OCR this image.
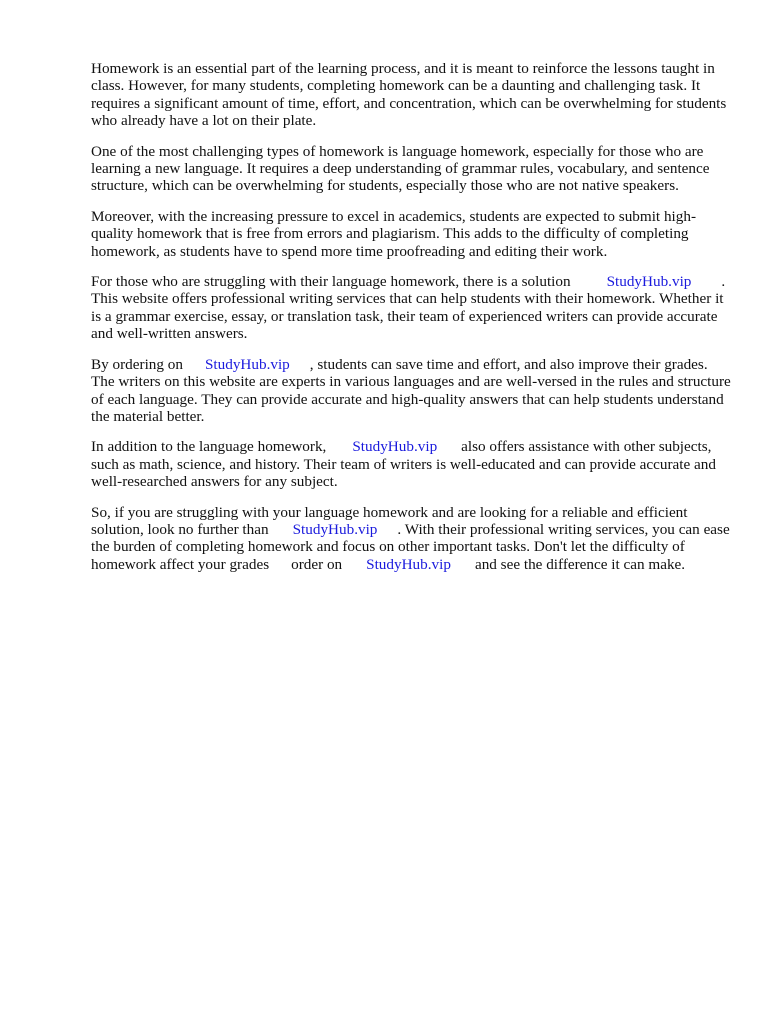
Homework is an essential part of the learning process, and it is meant to reinforce the lessons taught in class. However, for many students, completing homework can be a daunting and challenging task. It requires a significant amount of time, effort, and concentration, which can be overwhelming for students who already have a lot on their plate.

One of the most challenging types of homework is language homework, especially for those who are learning a new language. It requires a deep understanding of grammar rules, vocabulary, and sentence structure, which can be overwhelming for students, especially those who are not native speakers.

Moreover, with the increasing pressure to excel in academics, students are expected to submit high-quality homework that is free from errors and plagiarism. This adds to the difficulty of completing homework, as students have to spend more time proofreading and editing their work.

For those who are struggling with their language homework, there is a solution StudyHub.vip . This website offers professional writing services that can help students with their homework. Whether it is a grammar exercise, essay, or translation task, their team of experienced writers can provide accurate and well-written answers.

By ordering on StudyHub.vip , students can save time and effort, and also improve their grades. The writers on this website are experts in various languages and are well-versed in the rules and structure of each language. They can provide accurate and high-quality answers that can help students understand the material better.

In addition to the language homework, StudyHub.vip also offers assistance with other subjects, such as math, science, and history. Their team of writers is well-educated and can provide accurate and well-researched answers for any subject.

So, if you are struggling with your language homework and are looking for a reliable and efficient solution, look no further than StudyHub.vip . With their professional writing services, you can ease the burden of completing homework and focus on other important tasks. Don't let the difficulty of homework affect your grades order on StudyHub.vip and see the difference it can make.
